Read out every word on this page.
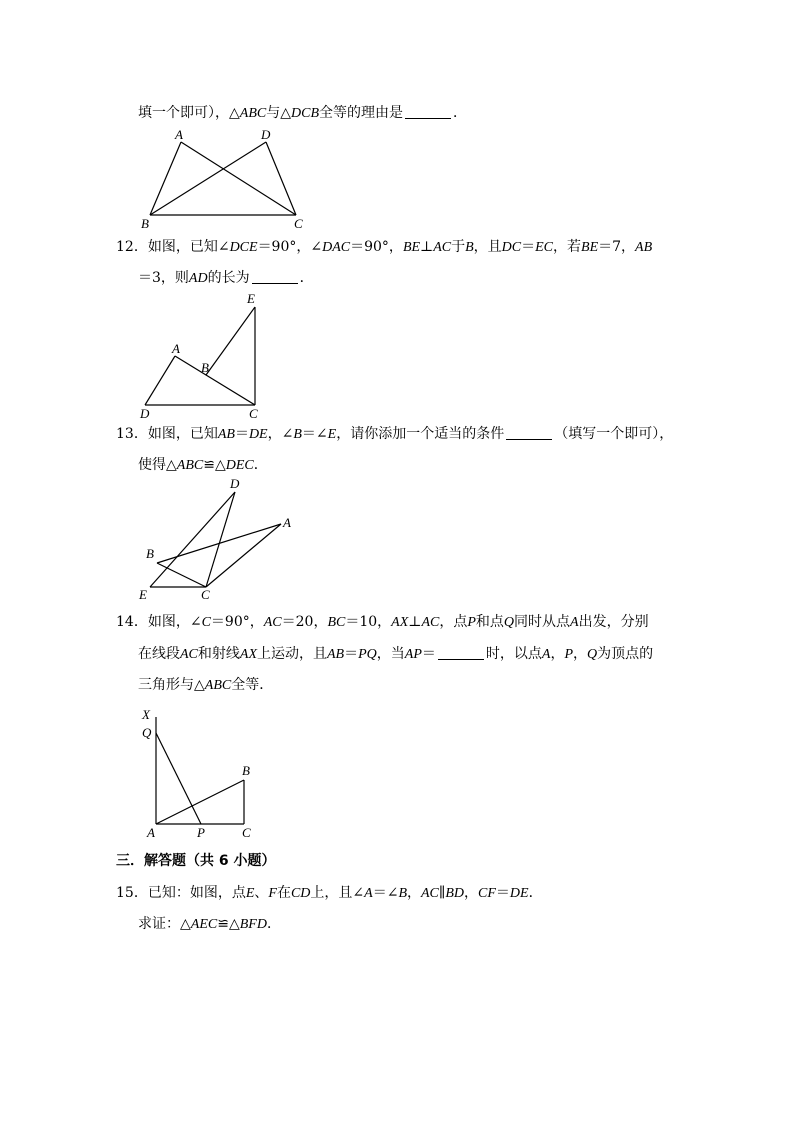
填一个即可），△ABC与△DCB全等的理由是	．
A	D
B	C
12．如图，已知∠DCE＝90°，∠DAC＝90°，BE⊥AC于B，且DC＝EC，若BE＝7，AB
＝3，则AD的长为	．
E
A
B
D	C
13．如图，已知AB＝DE，∠B＝∠E，请你添加一个适当的条件	（填写一个即可），
使得△ABC≌△DEC．
D
A
B
E	C
14．如图，∠C＝90°，AC＝20，BC＝10，AX⊥AC，点P和点Q同时从点A出发，分别
在线段AC和射线AX上运动，且AB＝PQ，当AP＝	时，以点A，P，Q为顶点的
三角形与△ABC全等．
X
Q
B
A	P	C
三．解答题（共 6 小题）
15．已知：如图，点E、F在CD上，且∠A＝∠B，AC∥BD，CF＝DE．
求证：△AEC≌△BFD．
